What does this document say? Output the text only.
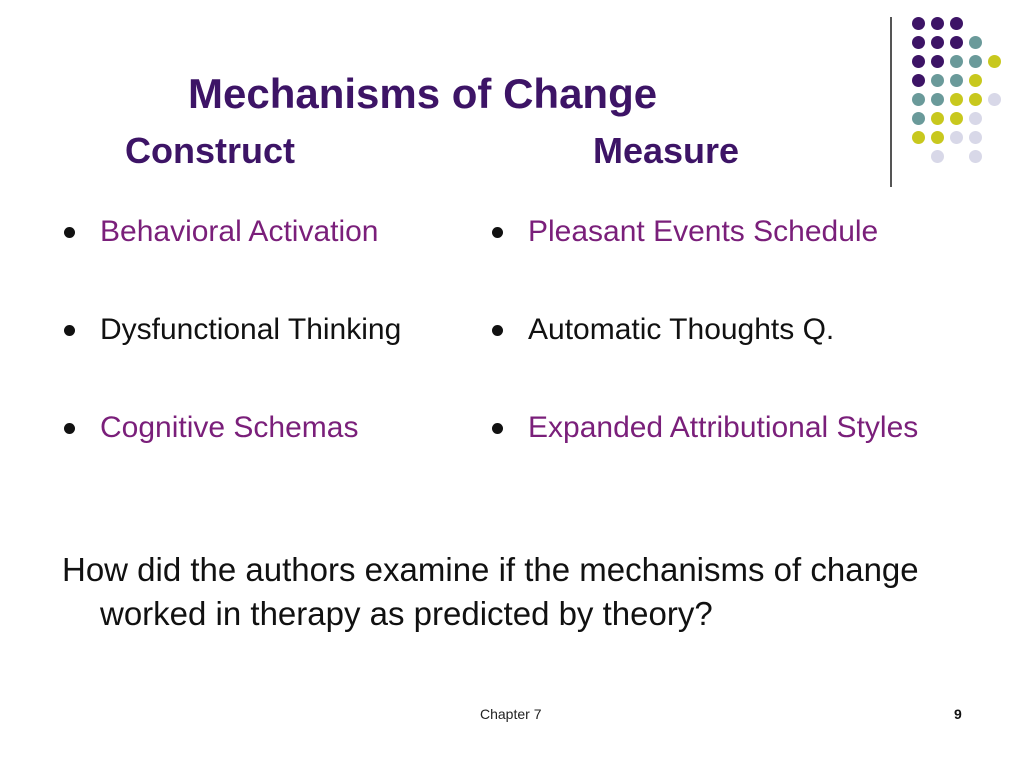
Mechanisms of Change
Construct	Measure
Behavioral Activation
Dysfunctional Thinking
Cognitive Schemas
Pleasant Events Schedule
Automatic Thoughts Q.
Expanded Attributional Styles
How did the authors examine if the mechanisms of change worked in therapy as predicted by theory?
Chapter 7	9
